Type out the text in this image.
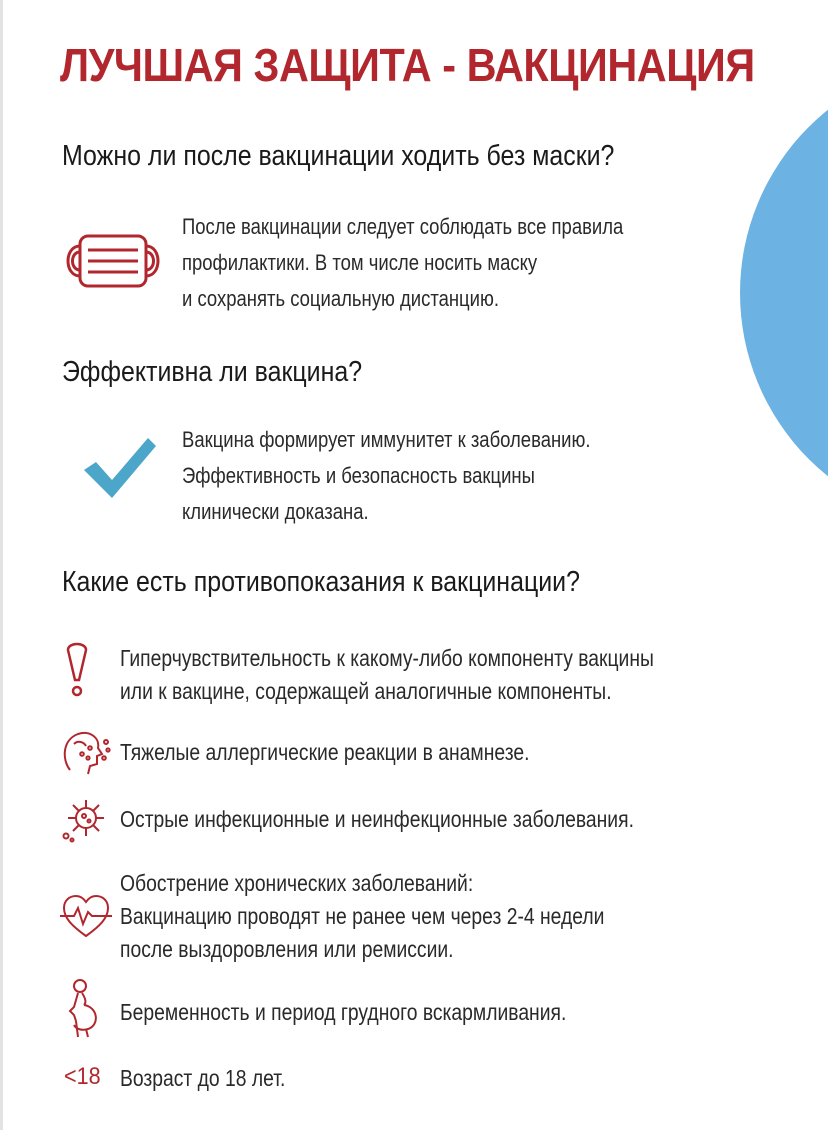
ЛУЧШАЯ ЗАЩИТА - ВАКЦИНАЦИЯ
Можно ли после вакцинации ходить без маски?
После вакцинации следует соблюдать все правила
профилактики. В том числе носить маску
и сохранять социальную дистанцию.
Эффективна ли вакцина?
Вакцина формирует иммунитет к заболеванию.
Эффективность и безопасность вакцины
клинически доказана.
Какие есть противопоказания к вакцинации?
Гиперчувствительность к какому-либо компоненту вакцины
или к вакцине, содержащей аналогичные компоненты.
Тяжелые аллергические реакции в анамнезе.
Острые инфекционные и неинфекционные заболевания.
Обострение хронических заболеваний:
Вакцинацию проводят не ранее чем через 2-4 недели
после выздоровления или ремиссии.
Беременность и период грудного вскармливания.
<18 Возраст до 18 лет.
